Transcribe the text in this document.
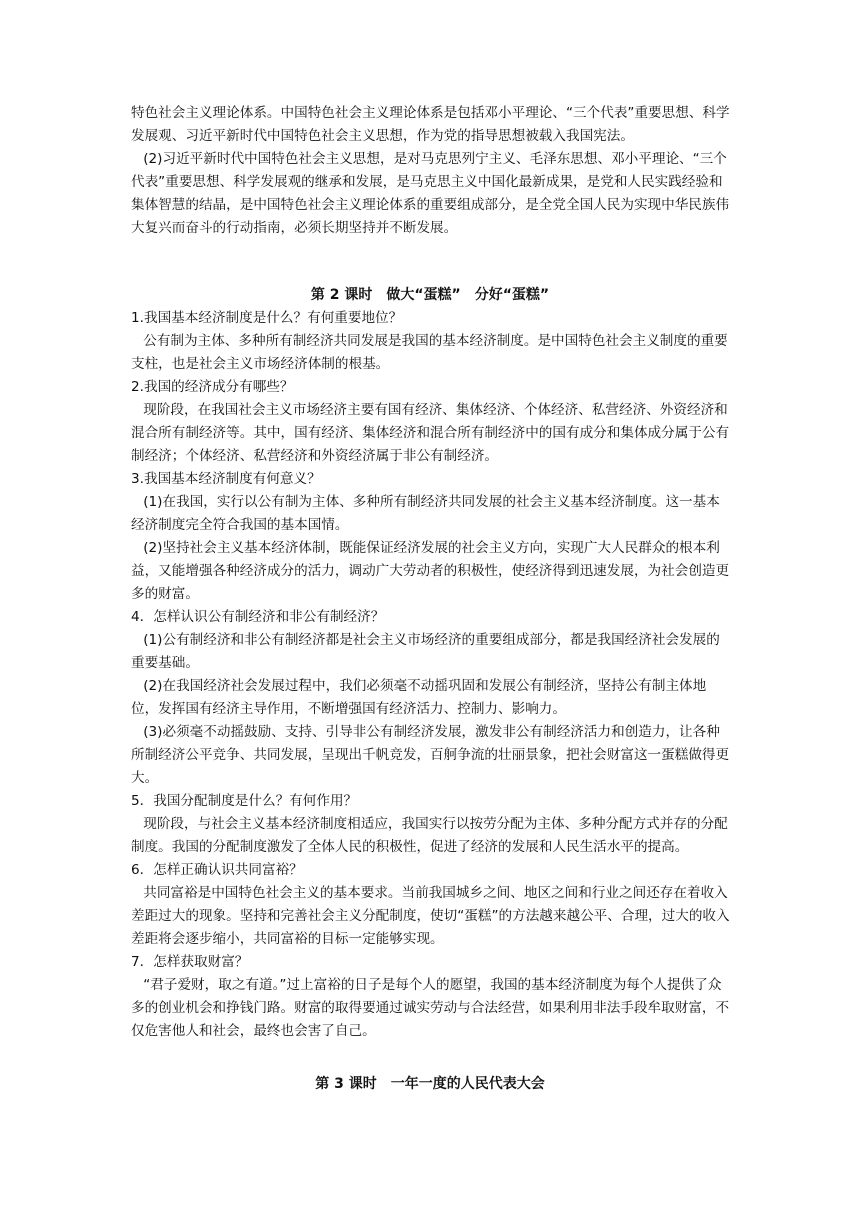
特色社会主义理论体系。中国特色社会主义理论体系是包括邓小平理论、“三个代表”重要思想、科学发展观、习近平新时代中国特色社会主义思想，作为党的指导思想被载入我国宪法。

(2)习近平新时代中国特色社会主义思想，是对马克思列宁主义、毛泽东思想、邓小平理论、“三个代表”重要思想、科学发展观的继承和发展，是马克思主义中国化最新成果，是党和人民实践经验和集体智慧的结晶，是中国特色社会主义理论体系的重要组成部分，是全党全国人民为实现中华民族伟大复兴而奋斗的行动指南，必须长期坚持并不断发展。

第 2 课时　做大“蛋糕”　分好“蛋糕”

1.我国基本经济制度是什么？有何重要地位？

公有制为主体、多种所有制经济共同发展是我国的基本经济制度。是中国特色社会主义制度的重要支柱，也是社会主义市场经济体制的根基。

2.我国的经济成分有哪些？

现阶段，在我国社会主义市场经济主要有国有经济、集体经济、个体经济、私营经济、外资经济和混合所有制经济等。其中，国有经济、集体经济和混合所有制经济中的国有成分和集体成分属于公有制经济；个体经济、私营经济和外资经济属于非公有制经济。

3.我国基本经济制度有何意义？

(1)在我国，实行以公有制为主体、多种所有制经济共同发展的社会主义基本经济制度。这一基本经济制度完全符合我国的基本国情。

(2)坚持社会主义基本经济体制，既能保证经济发展的社会主义方向，实现广大人民群众的根本利益，又能增强各种经济成分的活力，调动广大劳动者的积极性，使经济得到迅速发展，为社会创造更多的财富。

4．怎样认识公有制经济和非公有制经济？

(1)公有制经济和非公有制经济都是社会主义市场经济的重要组成部分，都是我国经济社会发展的重要基础。

(2)在我国经济社会发展过程中，我们必须毫不动摇巩固和发展公有制经济，坚持公有制主体地位，发挥国有经济主导作用，不断增强国有经济活力、控制力、影响力。

(3)必须毫不动摇鼓励、支持、引导非公有制经济发展，激发非公有制经济活力和创造力，让各种所制经济公平竞争、共同发展，呈现出千帆竞发，百舸争流的壮丽景象，把社会财富这一蛋糕做得更大。

5．我国分配制度是什么？有何作用？

现阶段，与社会主义基本经济制度相适应，我国实行以按劳分配为主体、多种分配方式并存的分配制度。我国的分配制度激发了全体人民的积极性，促进了经济的发展和人民生活水平的提高。

6．怎样正确认识共同富裕？

共同富裕是中国特色社会主义的基本要求。当前我国城乡之间、地区之间和行业之间还存在着收入差距过大的现象。坚持和完善社会主义分配制度，使切“蛋糕”的方法越来越公平、合理，过大的收入差距将会逐步缩小，共同富裕的目标一定能够实现。

7．怎样获取财富？

“君子爱财，取之有道。”过上富裕的日子是每个人的愿望，我国的基本经济制度为每个人提供了众多的创业机会和挣钱门路。财富的取得要通过诚实劳动与合法经营，如果利用非法手段牟取财富，不仅危害他人和社会，最终也会害了自己。

第 3 课时　一年一度的人民代表大会
